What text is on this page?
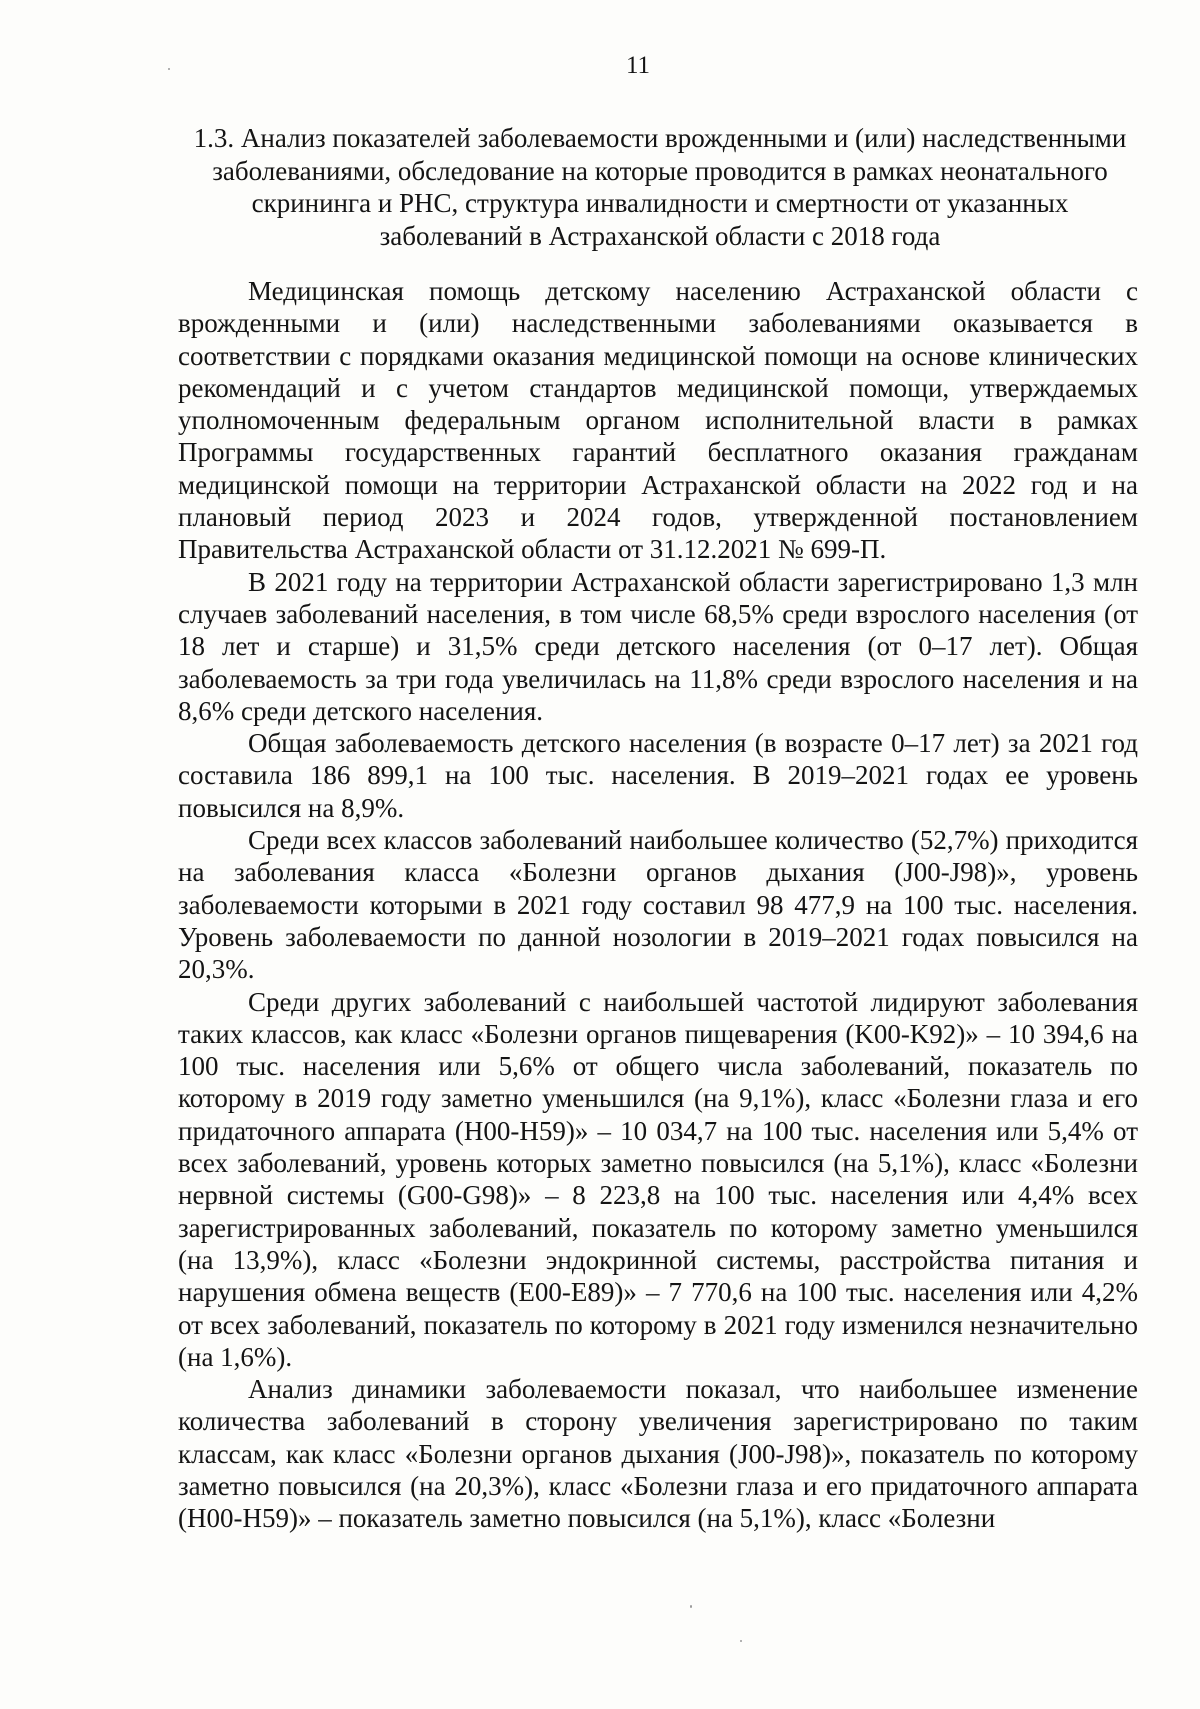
11
1.3. Анализ показателей заболеваемости врожденными и (или) наследственными заболеваниями, обследование на которые проводится в рамках неонатального скрининга и РНС, структура инвалидности и смертности от указанных заболеваний в Астраханской области с 2018 года

Медицинская помощь детскому населению Астраханской области с врожденными и (или) наследственными заболеваниями оказывается в соответствии с порядками оказания медицинской помощи на основе клинических рекомендаций и с учетом стандартов медицинской помощи, утверждаемых уполномоченным федеральным органом исполнительной власти в рамках Программы государственных гарантий бесплатного оказания гражданам медицинской помощи на территории Астраханской области на 2022 год и на плановый период 2023 и 2024 годов, утвержденной постановлением Правительства Астраханской области от 31.12.2021 № 699-П.

В 2021 году на территории Астраханской области зарегистрировано 1,3 млн случаев заболеваний населения, в том числе 68,5% среди взрослого населения (от 18 лет и старше) и 31,5% среди детского населения (от 0–17 лет). Общая заболеваемость за три года увеличилась на 11,8% среди взрослого населения и на 8,6% среди детского населения.

Общая заболеваемость детского населения (в возрасте 0–17 лет) за 2021 год составила 186 899,1 на 100 тыс. населения. В 2019–2021 годах ее уровень повысился на 8,9%.

Среди всех классов заболеваний наибольшее количество (52,7%) приходится на заболевания класса «Болезни органов дыхания (J00-J98)», уровень заболеваемости которыми в 2021 году составил 98 477,9 на 100 тыс. населения. Уровень заболеваемости по данной нозологии в 2019–2021 годах повысился на 20,3%.

Среди других заболеваний с наибольшей частотой лидируют заболевания таких классов, как класс «Болезни органов пищеварения (K00-K92)» – 10 394,6 на 100 тыс. населения или 5,6% от общего числа заболеваний, показатель по которому в 2019 году заметно уменьшился (на 9,1%), класс «Болезни глаза и его придаточного аппарата (H00-H59)» – 10 034,7 на 100 тыс. населения или 5,4% от всех заболеваний, уровень которых заметно повысился (на 5,1%), класс «Болезни нервной системы (G00-G98)» – 8 223,8 на 100 тыс. населения или 4,4% всех зарегистрированных заболеваний, показатель по которому заметно уменьшился (на 13,9%), класс «Болезни эндокринной системы, расстройства питания и нарушения обмена веществ (E00-E89)» – 7 770,6 на 100 тыс. населения или 4,2% от всех заболеваний, показатель по которому в 2021 году изменился незначительно (на 1,6%).

Анализ динамики заболеваемости показал, что наибольшее изменение количества заболеваний в сторону увеличения зарегистрировано по таким классам, как класс «Болезни органов дыхания (J00-J98)», показатель по которому заметно повысился (на 20,3%), класс «Болезни глаза и его придаточного аппарата (H00-H59)» – показатель заметно повысился (на 5,1%), класс «Болезни
